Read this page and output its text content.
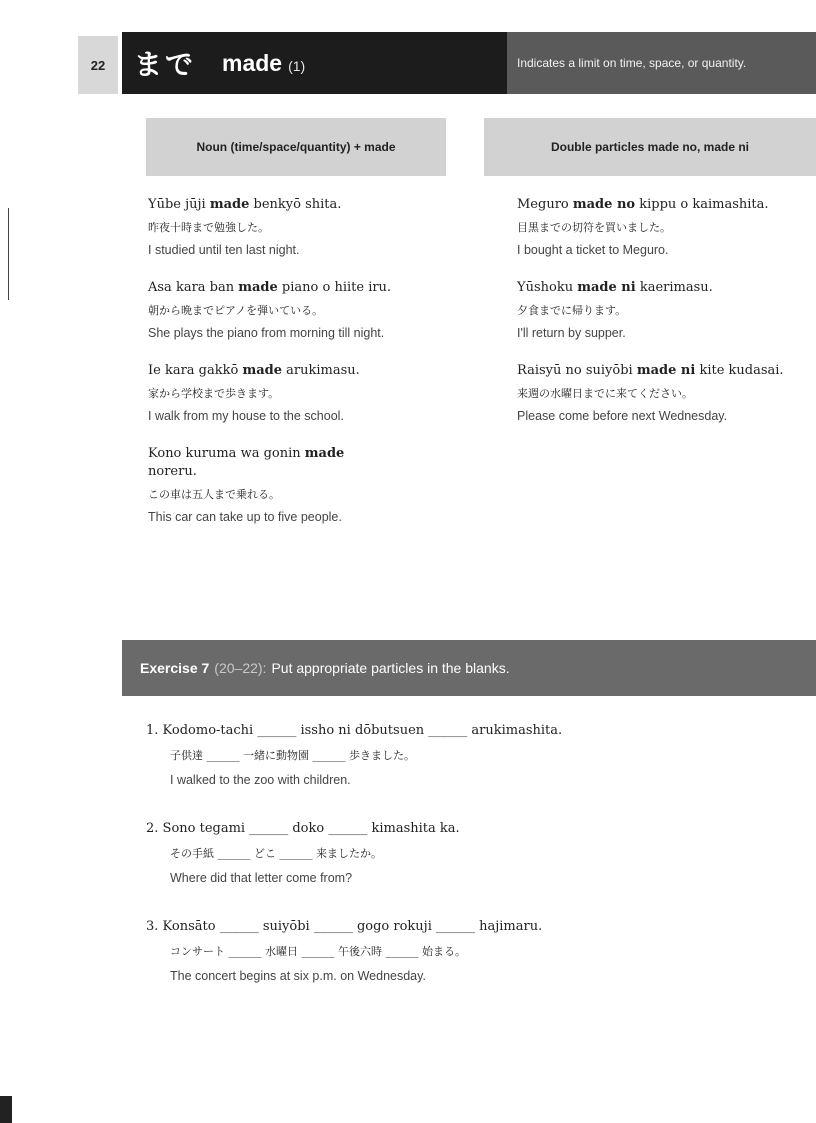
22	まで made (1)	Indicates a limit on time, space, or quantity.
Noun (time/space/quantity) + made	Double particles made no, made ni
Yūbe jūji made benkyō shita.
昨夜十時まで勉強した。
I studied until ten last night.
Asa kara ban made piano o hiite iru.
朝から晩までピアノを弾いている。
She plays the piano from morning till night.
Ie kara gakkō made arukimasu.
家から学校まで歩きます。
I walk from my house to the school.
Kono kuruma wa gonin made noreru.
この車は五人まで乗れる。
This car can take up to five people.
Meguro made no kippu o kaimashita.
目黒までの切符を買いました。
I bought a ticket to Meguro.
Yūshoku made ni kaerimasu.
夕食までに帰ります。
I'll return by supper.
Raisyū no suiyōbi made ni kite kudasai.
来週の水曜日までに来てください。
Please come before next Wednesday.
Exercise 7 (20–22): Put appropriate particles in the blanks.
1. Kodomo-tachi ______ issho ni dōbutsuen ______ arukimashita.
子供達 ______ 一緒に動物園 ______ 歩きました。
I walked to the zoo with children.
2. Sono tegami ______ doko ______ kimashita ka.
その手紙 ______ どこ ______ 来ましたか。
Where did that letter come from?
3. Konsāto ______ suiyōbi ______ gogo rokuji ______ hajimaru.
コンサート ______ 水曜日 ______ 午後六時 ______ 始まる。
The concert begins at six p.m. on Wednesday.
